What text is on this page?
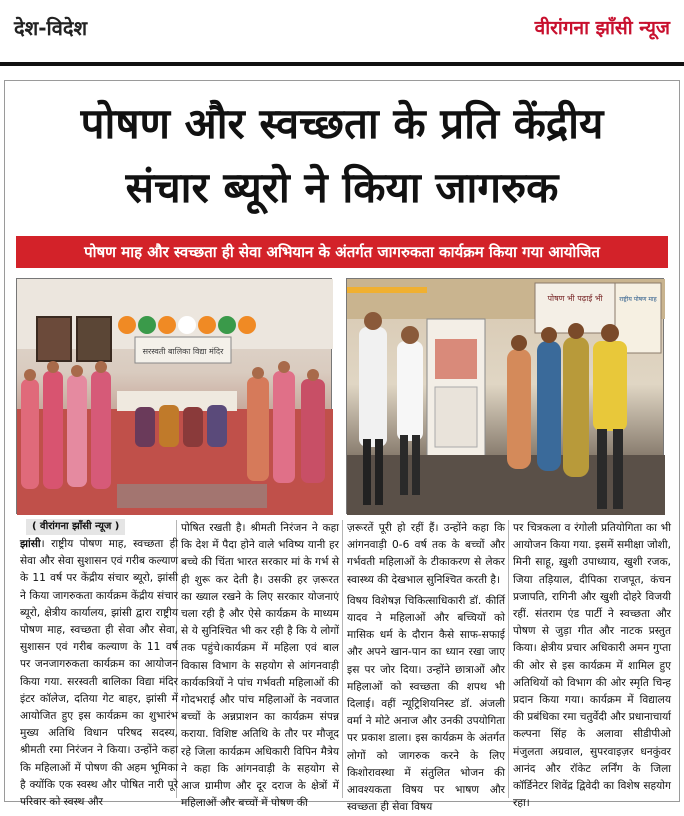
देश-विदेश	वीरांगना झाँसी न्यूज
पोषण और स्वच्छता के प्रति केंद्रीय
संचार ब्यूरो ने किया जागरुक
पोषण माह और स्वच्छता ही सेवा अभियान के अंतर्गत जागरुकता कार्यक्रम किया गया आयोजित
सरस्वती बालिका विद्या मंदिर
पोषण भी पढ़ाई भी	राष्ट्रीय पोषण माह
( वीरांगना झाँसी न्यूज )

झांसी। राष्ट्रीय पोषण माह, स्वच्छता ही सेवा और सेवा सुशासन एवं गरीब कल्याण के 11 वर्ष पर केंद्रीय संचार ब्यूरो, झांसी ने किया जागरुकता कार्यक्रम केंद्रीय संचार ब्यूरो, क्षेत्रीय कार्यालय, झांसी द्वारा राष्ट्रीय पोषण माह, स्वच्छता ही सेवा और सेवा, सुशासन एवं गरीब कल्याण के 11 वर्ष पर जनजागरुकता कार्यक्रम का आयोजन किया गया. सरस्वती बालिका विद्या मंदिर इंटर कॉलेज, दतिया गेट बाहर, झांसी में आयोजित हुए इस कार्यक्रम का शुभारंभ मुख्य अतिथि विधान परिषद सदस्य, श्रीमती रमा निरंजन ने किया। उन्होंने कहा कि महिलाओं में पोषण की अहम भूमिका है क्योंकि एक स्वस्थ और पोषित नारी पूरे परिवार को स्वस्थ और

पोषित रखती है। श्रीमती निरंजन ने कहा कि देश में पैदा होने वाले भविष्य यानी हर बच्चे की चिंता भारत सरकार मां के गर्भ से ही शुरू कर देती है। उसकी हर ज़रूरत का ख्याल रखने के लिए सरकार योजनाएं चला रही है और ऐसे कार्यक्रम के माध्यम से ये सुनिश्चित भी कर रही है कि ये लोगों तक पहुंचे।कार्यक्रम में महिला एवं बाल विकास विभाग के सहयोग से आंगनवाड़ी कार्यकत्रियों ने पांच गर्भवती महिलाओं की गोदभराई और पांच महिलाओं के नवजात बच्चों के अन्नप्राशन का कार्यक्रम संपन्न कराया. विशिष्ट अतिथि के तौर पर मौजूद रहे जिला कार्यक्रम अधिकारी विपिन मैत्रेय ने कहा कि आंगनवाड़ी के सहयोग से आज ग्रामीण और दूर दराज के क्षेत्रों में महिलाओं और बच्चों में पोषण की

ज़रूरतें पूरी हो रहीं हैं। उन्होंने कहा कि आंगनवाड़ी 0-6 वर्ष तक के बच्चों और गर्भवती महिलाओं के टीकाकरण से लेकर स्वास्थ्य की देखभाल सुनिश्चित करती है।

विषय विशेषज्ञ चिकित्साधिकारी डॉ. कीर्ति यादव ने महिलाओं और बच्चियों को मासिक धर्म के दौरान कैसे साफ-सफाई और अपने खान-पान का ध्यान रखा जाए इस पर जोर दिया। उन्होंने छात्राओं और महिलाओं को स्वच्छता की शपथ भी दिलाई। वहीं न्यूट्रिशियनिस्ट डॉ. अंजली वर्मा ने मोटे अनाज और उनकी उपयोगिता पर प्रकाश डाला। इस कार्यक्रम के अंतर्गत लोगों को जागरुक करने के लिए किशोरावस्था में संतुलित भोजन की आवश्यकता विषय पर भाषण और स्वच्छता ही सेवा विषय

पर चित्रकला व रंगोली प्रतियोगिता का भी आयोजन किया गया. इसमें समीक्षा जोशी, मिनी साहू, ख़ुशी उपाध्याय, खुशी रजक, जिया तड़ियाल, दीपिका राजपूत, कंचन प्रजापति, रागिनी और खुशी दोहरे विजयी रहीं. संतराम एंड पार्टी ने स्वच्छता और पोषण से जुड़ा गीत और नाटक प्रस्तुत किया। क्षेत्रीय प्रचार अधिकारी अमन गुप्ता की ओर से इस कार्यक्रम में शामिल हुए अतिथियों को विभाग की ओर स्मृति चिन्ह प्रदान किया गया। कार्यक्रम में विद्यालय की प्रबंधिका रमा चतुर्वेदी और प्रधानाचार्या कल्पना सिंह के अलावा सीडीपीओ मंजुलता अग्रवाल, सुपरवाइज़र धनकुंवर आनंद और रॉकेट लर्निंग के जिला कॉर्डिनेटर शिवेंद्र द्विवेदी का विशेष सहयोग रहा।
